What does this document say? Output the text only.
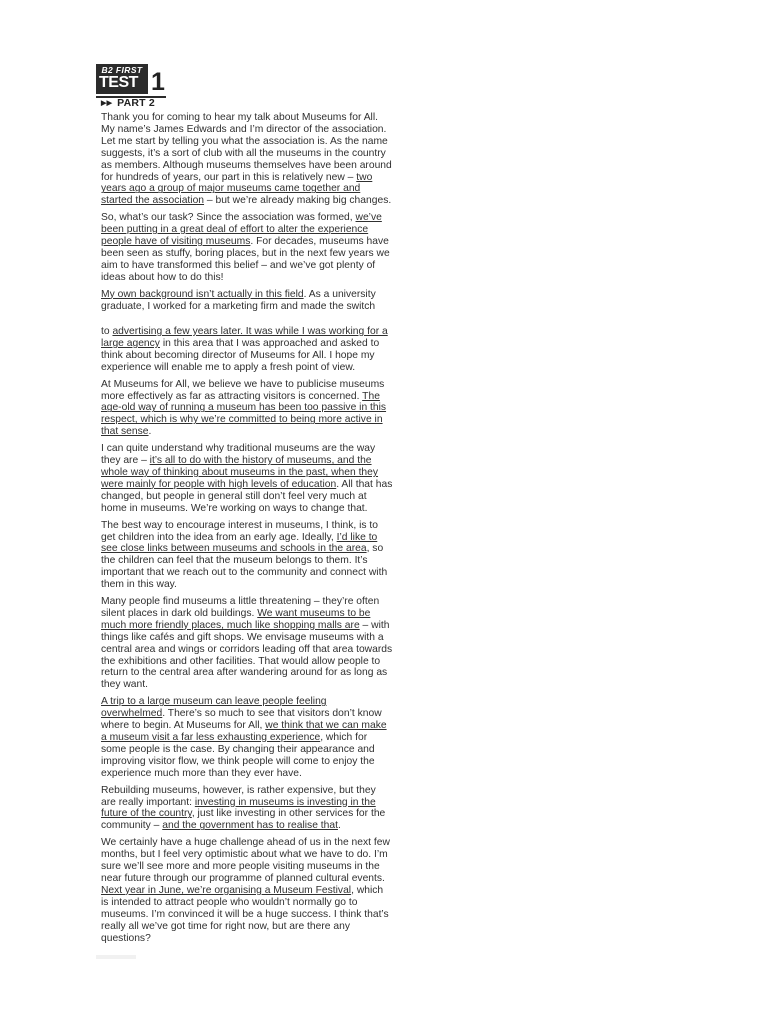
B2 FIRST
TEST 1
▶▶ PART 2

Thank you for coming to hear my talk about Museums for All. My name’s James Edwards and I’m director of the association. Let me start by telling you what the association is. As the name suggests, it’s a sort of club with all the museums in the country as members. Although museums themselves have been around for hundreds of years, our part in this is relatively new – two years ago a group of major museums came together and started the association – but we’re already making big changes.

So, what’s our task? Since the association was formed, we’ve been putting in a great deal of effort to alter the experience people have of visiting museums. For decades, museums have been seen as stuffy, boring places, but in the next few years we aim to have transformed this belief – and we’ve got plenty of ideas about how to do this!

My own background isn’t actually in this field. As a university graduate, I worked for a marketing firm and made the switch

to advertising a few years later. It was while I was working for a large agency in this area that I was approached and asked to think about becoming director of Museums for All. I hope my experience will enable me to apply a fresh point of view.

At Museums for All, we believe we have to publicise museums more effectively as far as attracting visitors is concerned. The age-old way of running a museum has been too passive in this respect, which is why we’re committed to being more active in that sense.

I can quite understand why traditional museums are the way they are – it’s all to do with the history of museums, and the whole way of thinking about museums in the past, when they were mainly for people with high levels of education. All that has changed, but people in general still don’t feel very much at home in museums. We’re working on ways to change that.

The best way to encourage interest in museums, I think, is to get children into the idea from an early age. Ideally, I’d like to see close links between museums and schools in the area, so the children can feel that the museum belongs to them. It’s important that we reach out to the community and connect with them in this way.

Many people find museums a little threatening – they’re often silent places in dark old buildings. We want museums to be much more friendly places, much like shopping malls are – with things like cafés and gift shops. We envisage museums with a central area and wings or corridors leading off that area towards the exhibitions and other facilities. That would allow people to return to the central area after wandering around for as long as they want.

A trip to a large museum can leave people feeling overwhelmed. There’s so much to see that visitors don’t know where to begin. At Museums for All, we think that we can make a museum visit a far less exhausting experience, which for some people is the case. By changing their appearance and improving visitor flow, we think people will come to enjoy the experience much more than they ever have.

Rebuilding museums, however, is rather expensive, but they are really important: investing in museums is investing in the future of the country, just like investing in other services for the community – and the government has to realise that.

We certainly have a huge challenge ahead of us in the next few months, but I feel very optimistic about what we have to do. I’m sure we’ll see more and more people visiting museums in the near future through our programme of planned cultural events. Next year in June, we’re organising a Museum Festival, which is intended to attract people who wouldn’t normally go to museums. I’m convinced it will be a huge success. I think that’s really all we’ve got time for right now, but are there any questions?
